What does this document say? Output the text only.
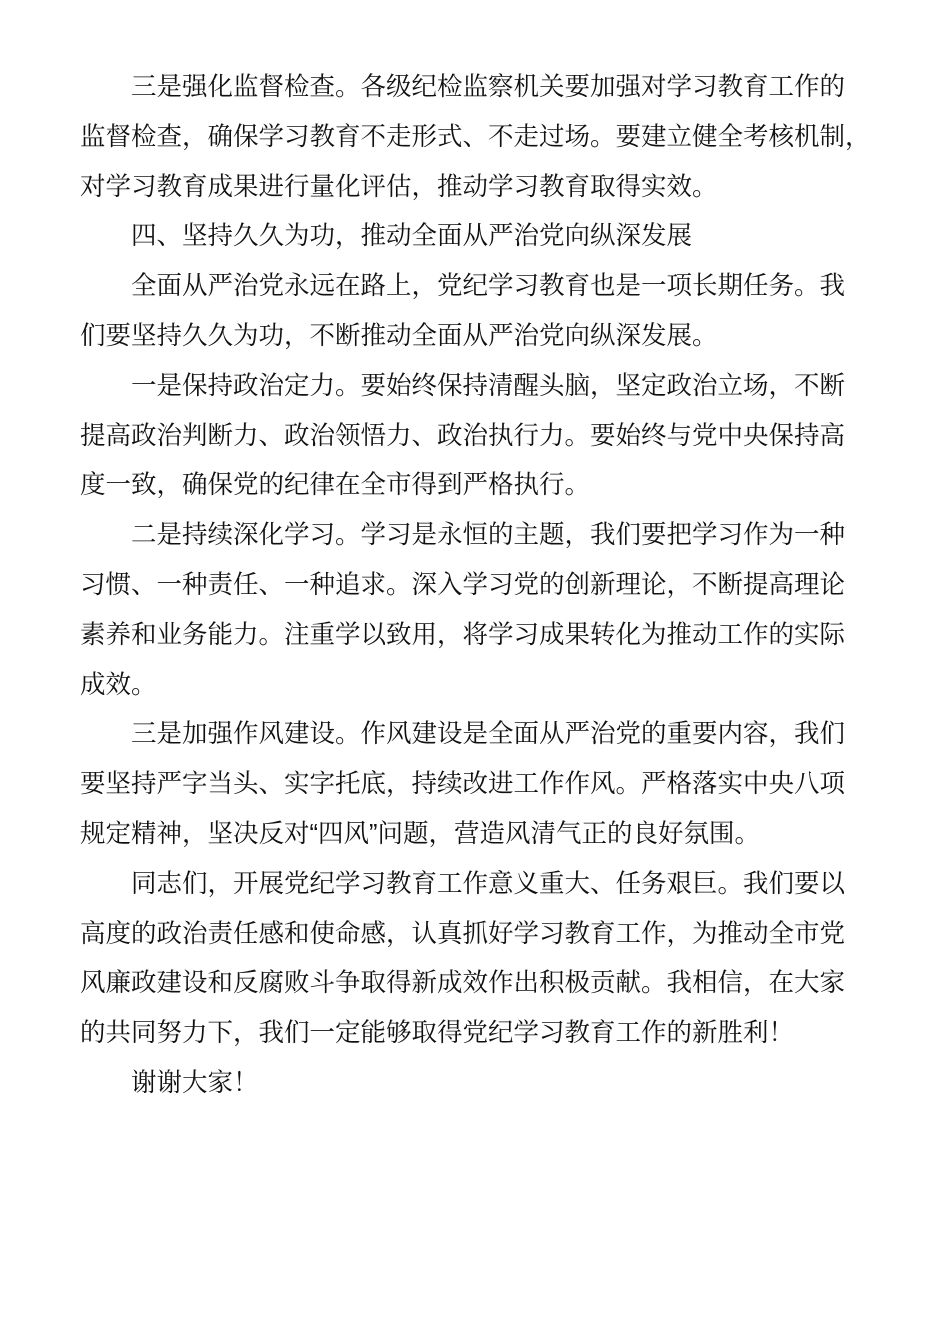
三是强化监督检查。各级纪检监察机关要加强对学习教育工作的
监督检查，确保学习教育不走形式、不走过场。要建立健全考核机制，
对学习教育成果进行量化评估，推动学习教育取得实效。
四、坚持久久为功，推动全面从严治党向纵深发展
全面从严治党永远在路上，党纪学习教育也是一项长期任务。我
们要坚持久久为功，不断推动全面从严治党向纵深发展。
一是保持政治定力。要始终保持清醒头脑，坚定政治立场，不断
提高政治判断力、政治领悟力、政治执行力。要始终与党中央保持高
度一致，确保党的纪律在全市得到严格执行。
二是持续深化学习。学习是永恒的主题，我们要把学习作为一种
习惯、一种责任、一种追求。深入学习党的创新理论，不断提高理论
素养和业务能力。注重学以致用，将学习成果转化为推动工作的实际
成效。
三是加强作风建设。作风建设是全面从严治党的重要内容，我们
要坚持严字当头、实字托底，持续改进工作作风。严格落实中央八项
规定精神，坚决反对“四风”问题，营造风清气正的良好氛围。
同志们，开展党纪学习教育工作意义重大、任务艰巨。我们要以
高度的政治责任感和使命感，认真抓好学习教育工作，为推动全市党
风廉政建设和反腐败斗争取得新成效作出积极贡献。我相信，在大家
的共同努力下，我们一定能够取得党纪学习教育工作的新胜利！
谢谢大家！
